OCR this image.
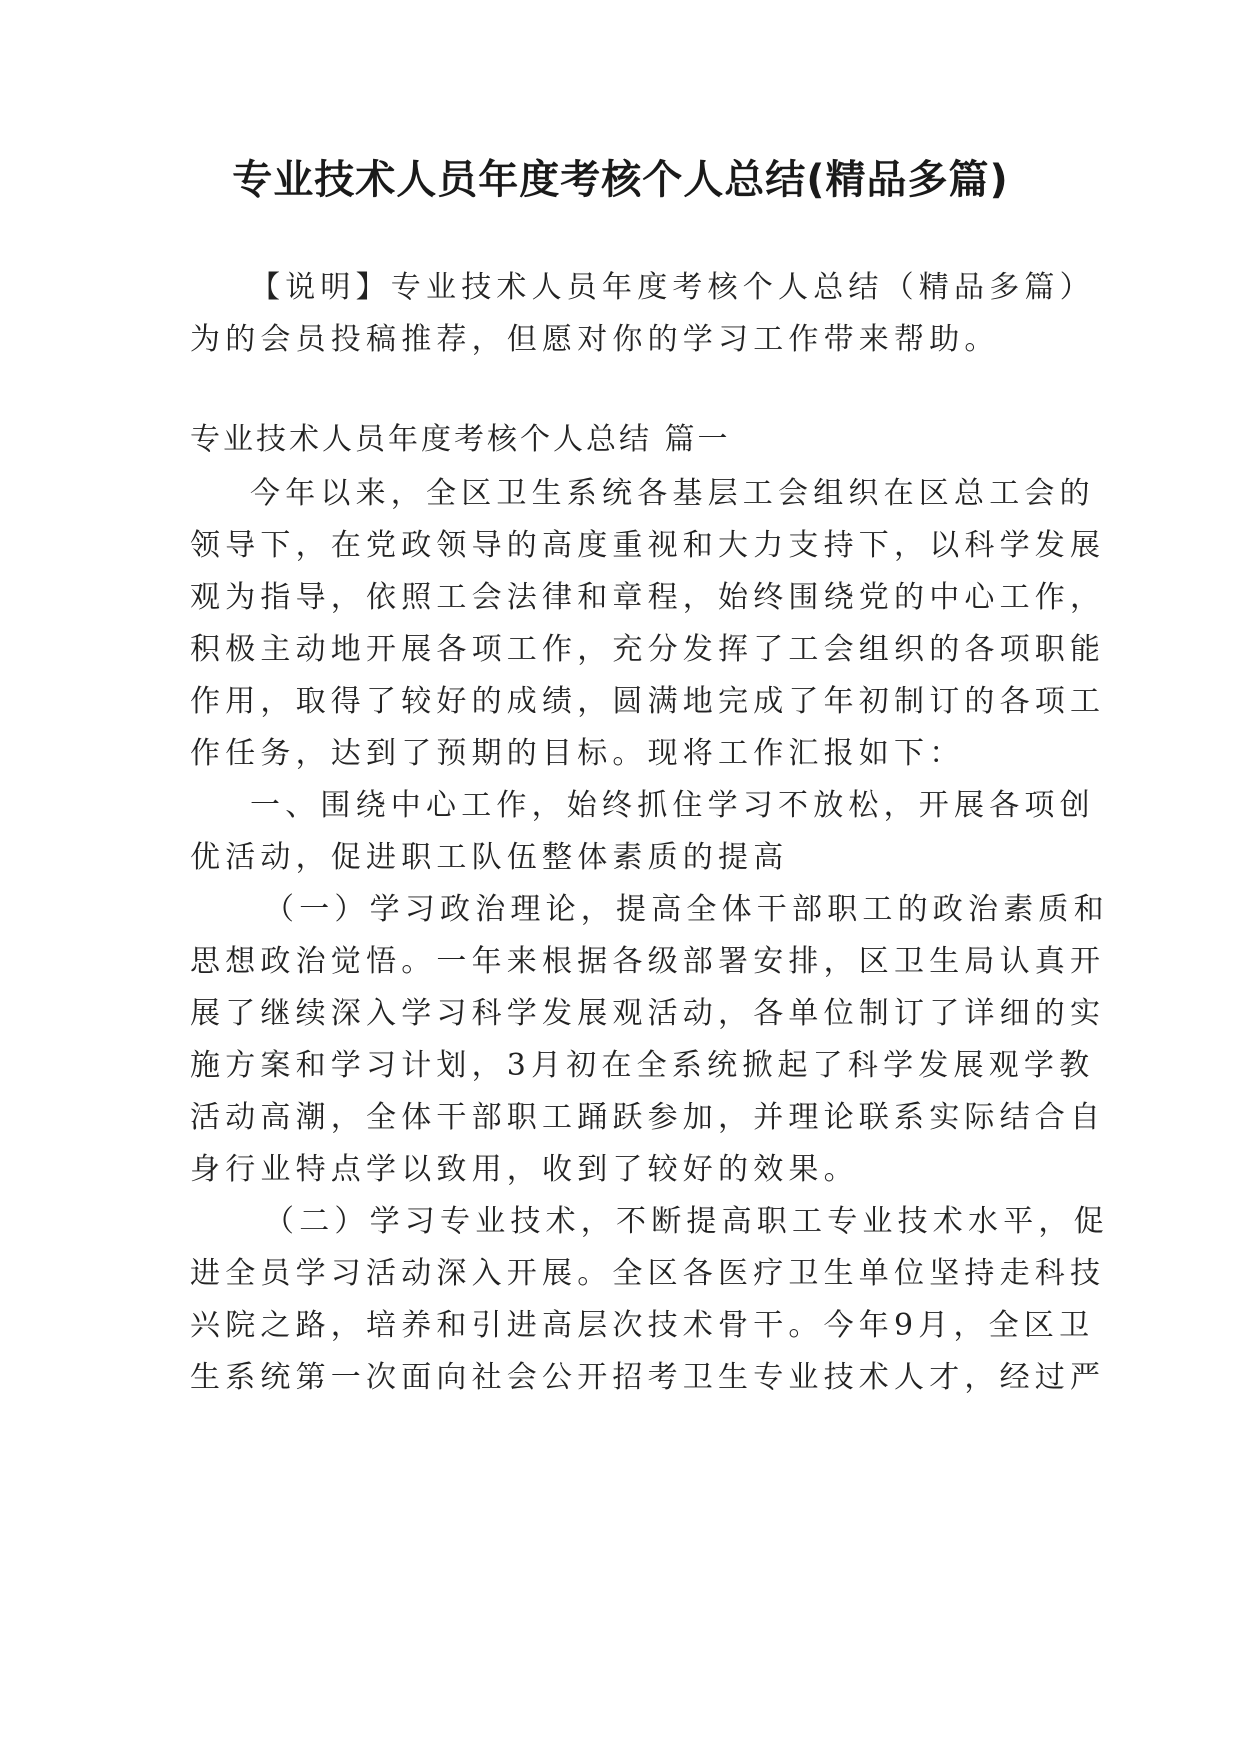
专业技术人员年度考核个人总结(精品多篇)

【说明】专业技术人员年度考核个人总结（精品多篇）

为的会员投稿推荐，但愿对你的学习工作带来帮助。

专业技术人员年度考核个人总结 篇一

今年以来，全区卫生系统各基层工会组织在区总工会的

领导下，在党政领导的高度重视和大力支持下，以科学发展

观为指导，依照工会法律和章程，始终围绕党的中心工作，

积极主动地开展各项工作，充分发挥了工会组织的各项职能

作用，取得了较好的成绩，圆满地完成了年初制订的各项工

作任务，达到了预期的目标。现将工作汇报如下：

一、围绕中心工作，始终抓住学习不放松，开展各项创

优活动，促进职工队伍整体素质的提高

（一）学习政治理论，提高全体干部职工的政治素质和

思想政治觉悟。一年来根据各级部署安排，区卫生局认真开

展了继续深入学习科学发展观活动，各单位制订了详细的实

施方案和学习计划，3月初在全系统掀起了科学发展观学教

活动高潮，全体干部职工踊跃参加，并理论联系实际结合自

身行业特点学以致用，收到了较好的效果。

（二）学习专业技术，不断提高职工专业技术水平，促

进全员学习活动深入开展。全区各医疗卫生单位坚持走科技

兴院之路，培养和引进高层次技术骨干。今年9月，全区卫

生系统第一次面向社会公开招考卫生专业技术人才，经过严
